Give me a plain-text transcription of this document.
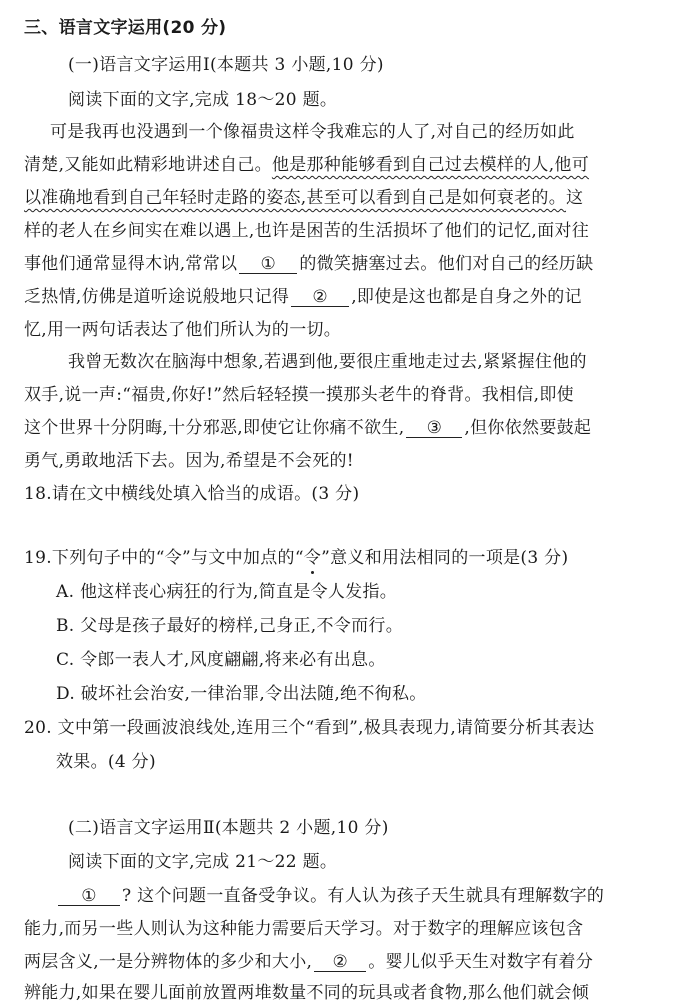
三、语言文字运用(20 分)
(一)语言文字运用Ⅰ(本题共 3 小题,10 分)
阅读下面的文字,完成 18～20 题。
可是我再也没遇到一个像福贵这样令我难忘的人了,对自己的经历如此
清楚,又能如此精彩地讲述自己。他是那种能够看到自己过去模样的人,他可
以准确地看到自己年轻时走路的姿态,甚至可以看到自己是如何衰老的。这
样的老人在乡间实在难以遇上,也许是困苦的生活损坏了他们的记忆,面对往
事他们通常显得木讷,常常以 ① 的微笑搪塞过去。他们对自己的经历缺
乏热情,仿佛是道听途说般地只记得 ② ,即使是这也都是自身之外的记
忆,用一两句话表达了他们所认为的一切。
我曾无数次在脑海中想象,若遇到他,要很庄重地走过去,紧紧握住他的
双手,说一声:“福贵,你好!”然后轻轻摸一摸那头老牛的脊背。我相信,即使
这个世界十分阴晦,十分邪恶,即使它让你痛不欲生, ③ ,但你依然要鼓起
勇气,勇敢地活下去。因为,希望是不会死的!
18.请在文中横线处填入恰当的成语。(3 分)
19.下列句子中的“令”与文中加点的“令”意义和用法相同的一项是(3 分)
A. 他这样丧心病狂的行为,简直是令人发指。
B. 父母是孩子最好的榜样,己身正,不令而行。
C. 令郎一表人才,风度翩翩,将来必有出息。
D. 破坏社会治安,一律治罪,令出法随,绝不徇私。
20. 文中第一段画波浪线处,连用三个“看到”,极具表现力,请简要分析其表达
效果。(4 分)
(二)语言文字运用Ⅱ(本题共 2 小题,10 分)
阅读下面的文字,完成 21～22 题。
① ? 这个问题一直备受争议。有人认为孩子天生就具有理解数字的
能力,而另一些人则认为这种能力需要后天学习。对于数字的理解应该包含
两层含义,一是分辨物体的多少和大小, ② 。婴儿似乎天生对数字有着分
辨能力,如果在婴儿面前放置两堆数量不同的玩具或者食物,那么他们就会倾
